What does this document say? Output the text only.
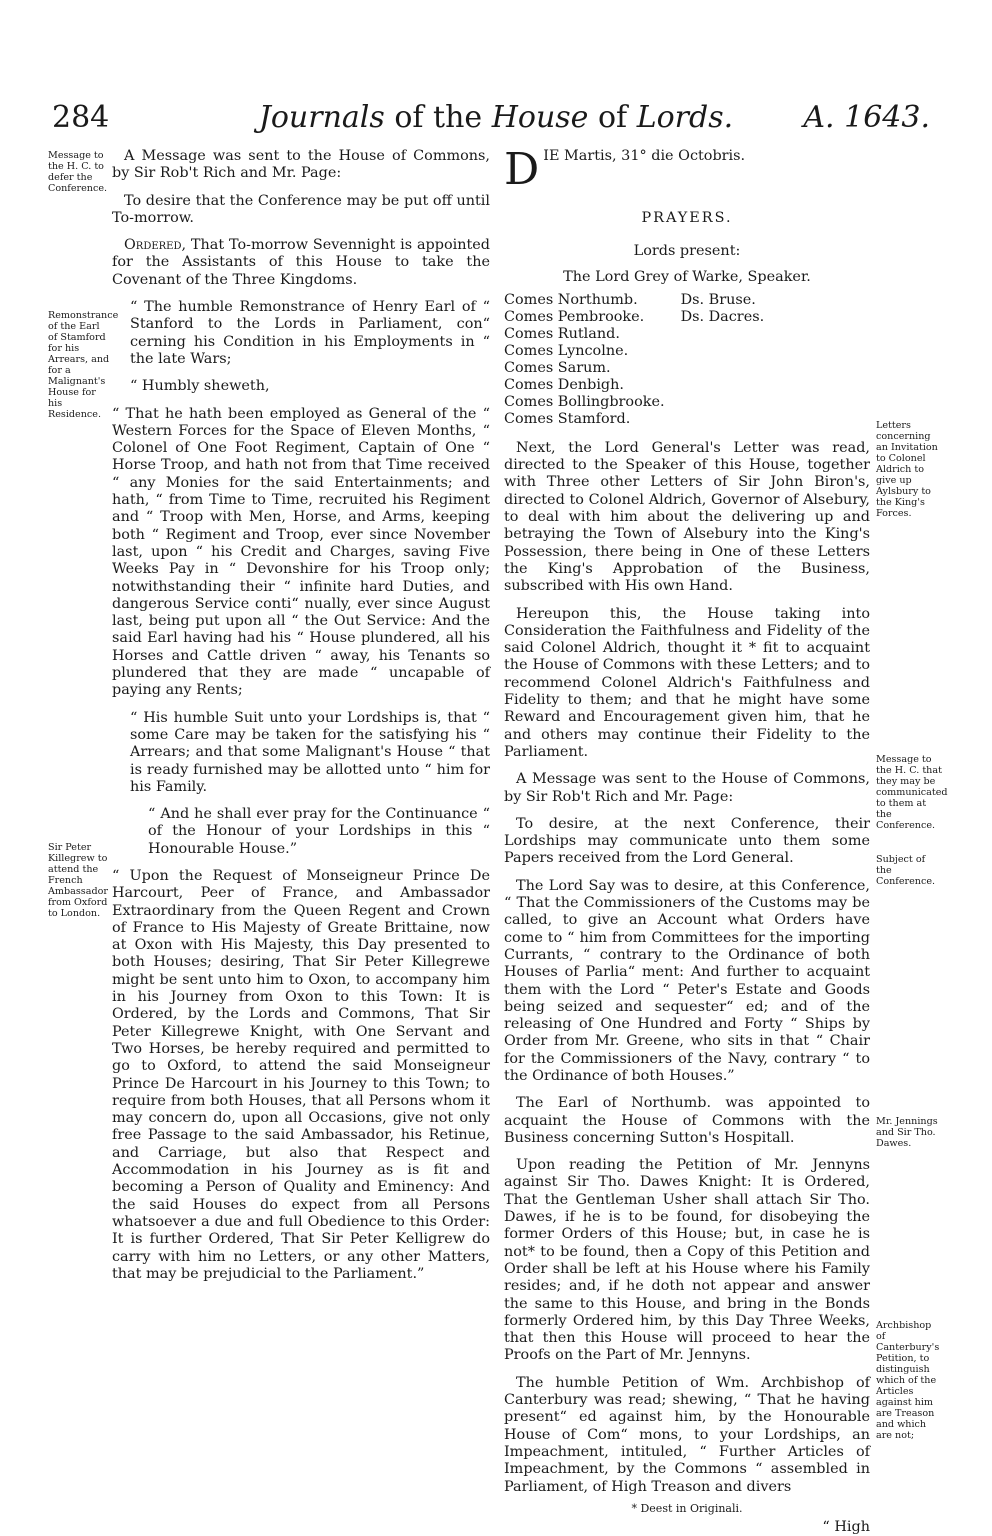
284	Journals of the House of Lords.	A. 1643.
Message to the H. C. to defer the Conference.
Remonstrance of the Earl of Stamford for his Arrears, and for a Malignant's House for his Residence.
Sir Peter Killegrew to attend the French Ambassador from Oxford to London.

A Message was sent to the House of Commons, by Sir Rob't Rich and Mr. Page:

To desire that the Conference may be put off until To-morrow.

Ordered, That To-morrow Sevennight is appointed for the Assistants of this House to take the Covenant of the Three Kingdoms.

“ The humble Remonstrance of Henry Earl of “ Stanford to the Lords in Parliament, con“ cerning his Condition in his Employments in “ the late Wars;

“ Humbly sheweth,

“ That he hath been employed as General of the “ Western Forces for the Space of Eleven Months, “ Colonel of One Foot Regiment, Captain of One “ Horse Troop, and hath not from that Time received “ any Monies for the said Entertainments; and hath, “ from Time to Time, recruited his Regiment and “ Troop with Men, Horse, and Arms, keeping both “ Regiment and Troop, ever since November last, upon “ his Credit and Charges, saving Five Weeks Pay in “ Devonshire for his Troop only; notwithstanding their “ infinite hard Duties, and dangerous Service conti“ nually, ever since August last, being put upon all “ the Out Service: And the said Earl having had his “ House plundered, all his Horses and Cattle driven “ away, his Tenants so plundered that they are made “ uncapable of paying any Rents;

“ His humble Suit unto your Lordships is, that “ some Care may be taken for the satisfying his “ Arrears; and that some Malignant's House “ that is ready furnished may be allotted unto “ him for his Family.

“ And he shall ever pray for the Continuance “ of the Honour of your Lordships in this “ Honourable House.”

“ Upon the Request of Monseigneur Prince De Harcourt, Peer of France, and Ambassador Extraordinary from the Queen Regent and Crown of France to His Majesty of Greate Brittaine, now at Oxon with His Majesty, this Day presented to both Houses; desiring, That Sir Peter Killegrewe might be sent unto him to Oxon, to accompany him in his Journey from Oxon to this Town: It is Ordered, by the Lords and Commons, That Sir Peter Killegrewe Knight, with One Servant and Two Horses, be hereby required and permitted to go to Oxford, to attend the said Monseigneur Prince De Harcourt in his Journey to this Town; to require from both Houses, that all Persons whom it may concern do, upon all Occasions, give not only free Passage to the said Ambassador, his Retinue, and Carriage, but also that Respect and Accommodation in his Journey as is fit and becoming a Person of Quality and Eminency: And the said Houses do expect from all Persons whatsoever a due and full Obedience to this Order: It is further Ordered, That Sir Peter Kelligrew do carry with him no Letters, or any other Matters, that may be prejudicial to the Parliament.”

DIE Martis, 31° die Octobris.
PRAYERS.
Lords present:
The Lord Grey of Warke, Speaker.
Comes Northumb.
Comes Pembrooke.
Comes Rutland.
Comes Lyncolne.
Comes Sarum.
Comes Denbigh.
Comes Bollingbrooke.
Comes Stamford.
Ds. Bruse.
Ds. Dacres.

Next, the Lord General's Letter was read, directed to the Speaker of this House, together with Three other Letters of Sir John Biron's, directed to Colonel Aldrich, Governor of Alsebury, to deal with him about the delivering up and betraying the Town of Alsebury into the King's Possession, there being in One of these Letters the King's Approbation of the Business, subscribed with His own Hand.

Hereupon this, the House taking into Consideration the Faithfulness and Fidelity of the said Colonel Aldrich, thought it * fit to acquaint the House of Commons with these Letters; and to recommend Colonel Aldrich's Faithfulness and Fidelity to them; and that he might have some Reward and Encouragement given him, that he and others may continue their Fidelity to the Parliament.

A Message was sent to the House of Commons, by Sir Rob't Rich and Mr. Page:

To desire, at the next Conference, their Lordships may communicate unto them some Papers received from the Lord General.

The Lord Say was to desire, at this Conference, “ That the Commissioners of the Customs may be called, to give an Account what Orders have come to “ him from Committees for the importing Currants, “ contrary to the Ordinance of both Houses of Parlia“ ment: And further to acquaint them with the Lord “ Peter's Estate and Goods being seized and sequester“ ed; and of the releasing of One Hundred and Forty “ Ships by Order from Mr. Greene, who sits in that “ Chair for the Commissioners of the Navy, contrary “ to the Ordinance of both Houses.”

The Earl of Northumb. was appointed to acquaint the House of Commons with the Business concerning Sutton's Hospitall.

Upon reading the Petition of Mr. Jennyns against Sir Tho. Dawes Knight: It is Ordered, That the Gentleman Usher shall attach Sir Tho. Dawes, if he is to be found, for disobeying the former Orders of this House; but, in case he is not* to be found, then a Copy of this Petition and Order shall be left at his House where his Family resides; and, if he doth not appear and answer the same to this House, and bring in the Bonds formerly Ordered him, by this Day Three Weeks, that then this House will proceed to hear the Proofs on the Part of Mr. Jennyns.

The humble Petition of Wm. Archbishop of Canterbury was read; shewing, “ That he having present“ ed against him, by the Honourable House of Com“ mons, to your Lordships, an Impeachment, intituled, “ Further Articles of Impeachment, by the Commons “ assembled in Parliament, of High Treason and divers

* Deest in Originali.
“ High
Letters concerning an Invitation to Colonel Aldrich to give up Aylsbury to the King's Forces.
Message to the H. C. that they may be communicated to them at the Conference.
Subject of the Conference.
Mr. Jennings and Sir Tho. Dawes.
Archbishop of Canterbury's Petition, to distinguish which of the Articles against him are Treason and which are not;
